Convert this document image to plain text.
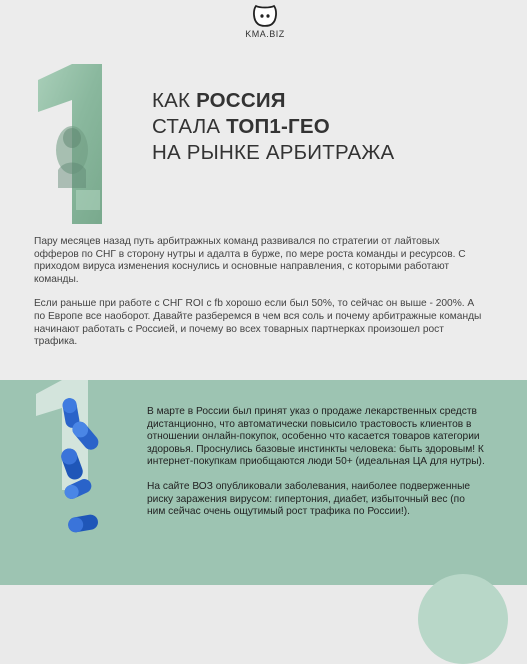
KMA.BIZ
КАК РОССИЯ
СТАЛА ТОП1-ГЕО
НА РЫНКЕ АРБИТРАЖА

Пару месяцев назад путь арбитражных команд развивался по стратегии от лайтовых офферов по СНГ в сторону нутры и адалта в бурже, по мере роста команды и ресурсов. С приходом вируса изменения коснулись и основные направления, с которыми работают команды.

Если раньше при работе с СНГ ROI с fb хорошо если был 50%, то сейчас он выше - 200%. А по Европе все наоборот. Давайте разберемся в чем вся соль и почему арбитражные команды начинают работать с Россией, и почему во всех товарных партнерках произошел рост трафика.

В марте в России был принят указ о продаже лекарственных средств дистанционно, что автоматически повысило трастовость клиентов в отношении онлайн-покупок, особенно что касается товаров категории здоровья. Проснулись базовые инстинкты человека: быть здоровым! К интернет-покупкам приобщаются люди 50+ (идеальная ЦА для нутры).

На сайте ВОЗ опубликовали заболевания, наиболее подверженные риску заражения вирусом: гипертония, диабет, избыточный вес (по ним сейчас очень ощутимый рост трафика по России!).
